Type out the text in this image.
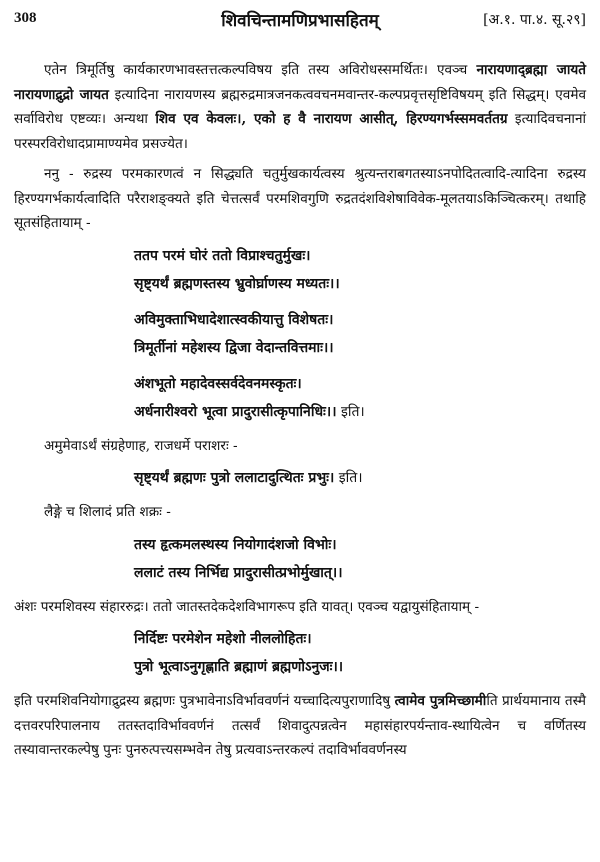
308	शिवचिन्तामणिप्रभासहितम्	[अ.१. पा.४. सू.२९]

एतेन त्रिमूर्तिषु कार्यकारणभावस्तत्तत्कल्पविषय इति तस्य अविरोधस्समर्थितः। एवञ्च नारायणाद्ब्रह्मा जायते नारायणाद्रुद्रो जायत इत्यादिना नारायणस्य ब्रह्मरुद्रमात्रजनकत्ववचनमवान्तर-कल्पप्रवृत्तसृष्टिविषयम् इति सिद्धम्। एवमेव सर्वाविरोध एष्टव्यः। अन्यथा शिव एव केवलः।, एको ह वै नारायण आसीत्, हिरण्यगर्भस्समवर्ततग्र इत्यादिवचनानां परस्परविरोधादप्रामाण्यमेव प्रसज्येत।

ननु - रुद्रस्य परमकारणत्वं न सिद्ध्यति चतुर्मुखकार्यत्वस्य श्रुत्यन्तराबगतस्याऽनपोदितत्वादि-त्यादिना रुद्रस्य हिरण्यगर्भकार्यत्वादिति परैराशङ्क्यते इति चेत्तत्सर्वं परमशिवगुणि रुद्रतदंशविशेषाविवेक-मूलतयाऽकिञ्चित्करम्। तथाहि सूतसंहितायाम् -

ततप परमं घोरं ततो विप्राश्चतुर्मुखः।
सृष्ट्यर्थं ब्रह्मणस्तस्य भ्रुवोर्घ्राणस्य मध्यतः।।
अविमुक्ताभिधादेशात्स्वकीयात्तु विशेषतः।
त्रिमूर्तीनां महेशस्य द्विजा वेदान्तवित्तमाः।।
अंशभूतो महादेवस्सर्वदेवनमस्कृतः।
अर्धनारीश्वरो भूत्वा प्रादुरासीत्कृपानिधिः।। इति।

अमुमेवाऽर्थं संग्रहेणाह, राजधर्मे पराशरः -

सृष्ट्यर्थं ब्रह्मणः पुत्रो ललाटादुत्थितः प्रभुः। इति।

लैङ्गे च शिलादं प्रति शक्रः -

तस्य हृत्कमलस्थस्य नियोगादंशजो विभोः।
ललाटं तस्य निर्भिद्य प्रादुरासीत्प्रभोर्मुखात्।।

अंशः परमशिवस्य संहाररुद्रः। ततो जातस्तदेकदेशविभागरूप इति यावत्। एवञ्च यद्वायुसंहितायाम् -

निर्दिष्टः परमेशेन महेशो नीललोहितः।
पुत्रो भूत्वाऽनुगृह्णाति ब्रह्माणं ब्रह्मणोऽनुजः।।

इति परमशिवनियोगाद्रुद्रस्य ब्रह्मणः पुत्रभावेनाऽविर्भाववर्णनं यच्चादित्यपुराणादिषु त्वामेव पुत्रमिच्छामीति प्रार्थयमानाय तस्मै दत्तवरपरिपालनाय ततस्तदाविर्भाववर्णनं तत्सर्वं शिवादुत्पन्नत्वेन महासंहारपर्यन्ताव-स्थायित्वेन च वर्णितस्य तस्यावान्तरकल्पेषु पुनः पुनरुत्पत्त्यसम्भवेन तेषु प्रत्यवाऽन्तरकल्पं तदाविर्भाववर्णनस्य
